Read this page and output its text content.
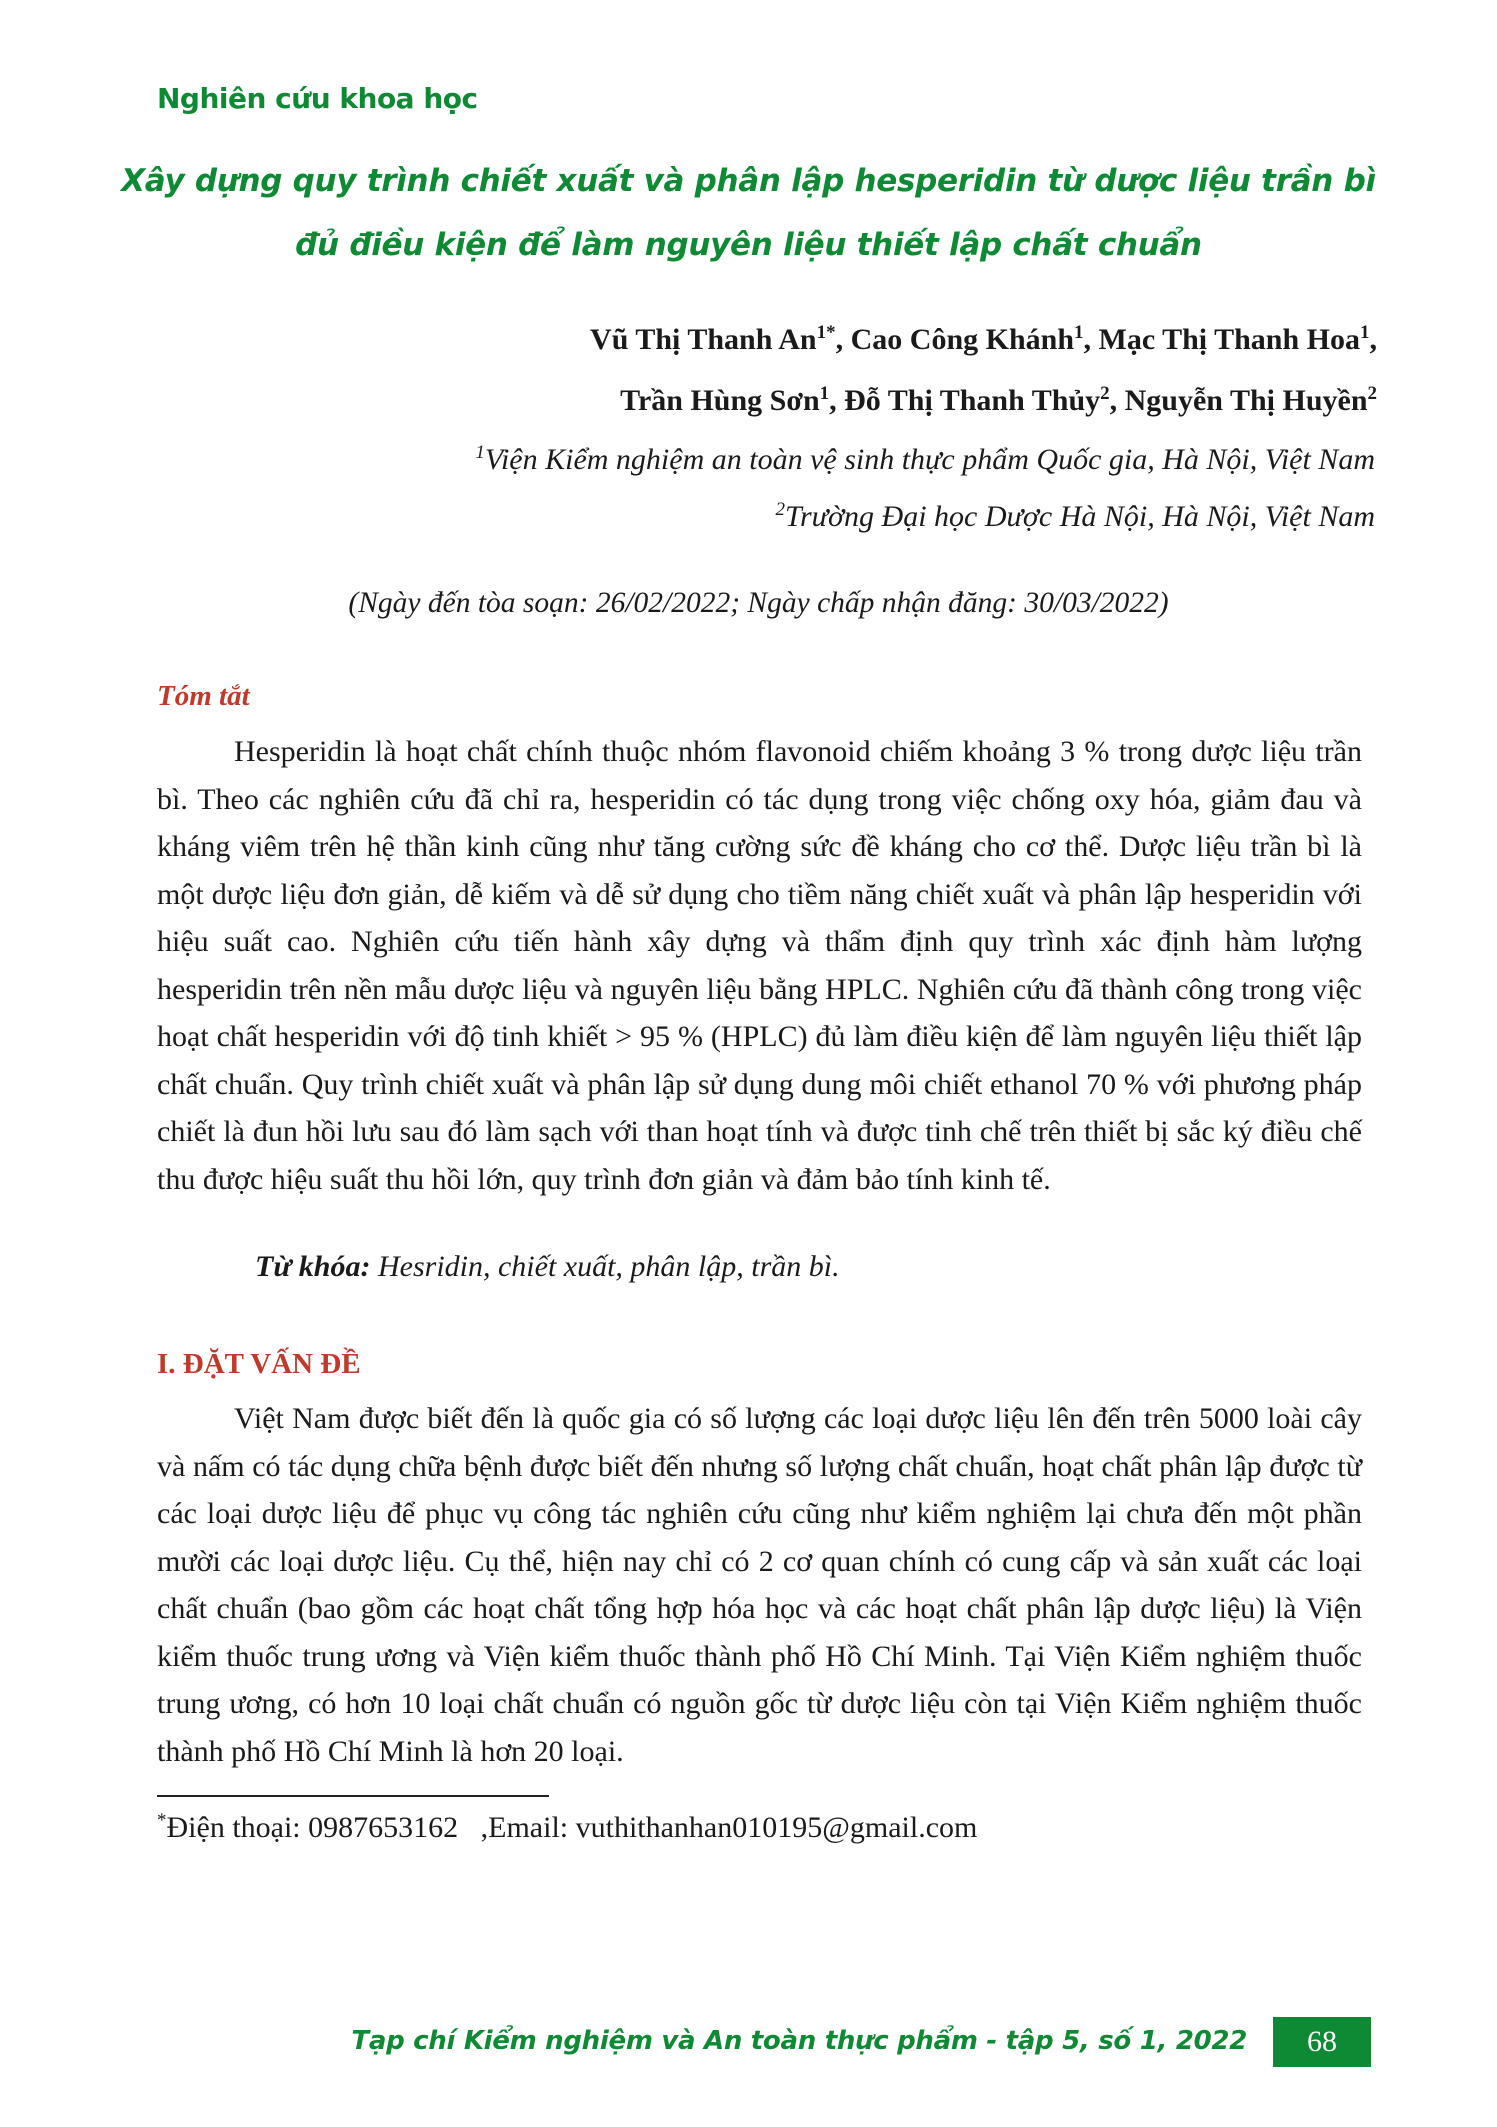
Nghiên cứu khoa học
Xây dựng quy trình chiết xuất và phân lập hesperidin từ dược liệu trần bì
đủ điều kiện để làm nguyên liệu thiết lập chất chuẩn
Vũ Thị Thanh $An^{1*}$, Cao Công Khánh$^1$, Mạc Thị Thanh Hoa$^1$,
Trần Hùng Sơn$^1$, Đỗ Thị Thanh Thủy$^2$, Nguyễn Thị Huyền$^2$
$^1$Viện Kiểm nghiệm an toàn vệ sinh thực phẩm Quốc gia, Hà Nội, Việt Nam
$^2$Trường Đại học Dược Hà Nội, Hà Nội, Việt Nam
(Ngày đến tòa soạn: 26/02/2022; Ngày chấp nhận đăng: 30/03/2022)
Tóm tắt

Hesperidin là hoạt chất chính thuộc nhóm flavonoid chiếm khoảng 3 % trong dược liệu trần bì. Theo các nghiên cứu đã chỉ ra, hesperidin có tác dụng trong việc chống oxy hóa, giảm đau và kháng viêm trên hệ thần kinh cũng như tăng cường sức đề kháng cho cơ thể. Dược liệu trần bì là một dược liệu đơn giản, dễ kiếm và dễ sử dụng cho tiềm năng chiết xuất và phân lập hesperidin với hiệu suất cao. Nghiên cứu tiến hành xây dựng và thẩm định quy trình xác định hàm lượng hesperidin trên nền mẫu dược liệu và nguyên liệu bằng HPLC. Nghiên cứu đã thành công trong việc hoạt chất hesperidin với độ tinh khiết > 95 % (HPLC) đủ làm điều kiện để làm nguyên liệu thiết lập chất chuẩn. Quy trình chiết xuất và phân lập sử dụng dung môi chiết ethanol 70 % với phương pháp chiết là đun hồi lưu sau đó làm sạch với than hoạt tính và được tinh chế trên thiết bị sắc ký điều chế thu được hiệu suất thu hồi lớn, quy trình đơn giản và đảm bảo tính kinh tế.

Từ khóa: Hesridin, chiết xuất, phân lập, trần bì.
I. ĐẶT VẤN ĐỀ

Việt Nam được biết đến là quốc gia có số lượng các loại dược liệu lên đến trên 5000 loài cây và nấm có tác dụng chữa bệnh được biết đến nhưng số lượng chất chuẩn, hoạt chất phân lập được từ các loại dược liệu để phục vụ công tác nghiên cứu cũng như kiểm nghiệm lại chưa đến một phần mười các loại dược liệu. Cụ thể, hiện nay chỉ có 2 cơ quan chính có cung cấp và sản xuất các loại chất chuẩn (bao gồm các hoạt chất tổng hợp hóa học và các hoạt chất phân lập dược liệu) là Viện kiểm thuốc trung ương và Viện kiểm thuốc thành phố Hồ Chí Minh. Tại Viện Kiểm nghiệm thuốc trung ương, có hơn 10 loại chất chuẩn có nguồn gốc từ dược liệu còn tại Viện Kiểm nghiệm thuốc thành phố Hồ Chí Minh là hơn 20 loại.

*Điện thoại: 0987653162   ,Email: vuthithanhan010195@gmail.com
Tạp chí Kiểm nghiệm và An toàn thực phẩm - tập 5, số 1, 2022 68
